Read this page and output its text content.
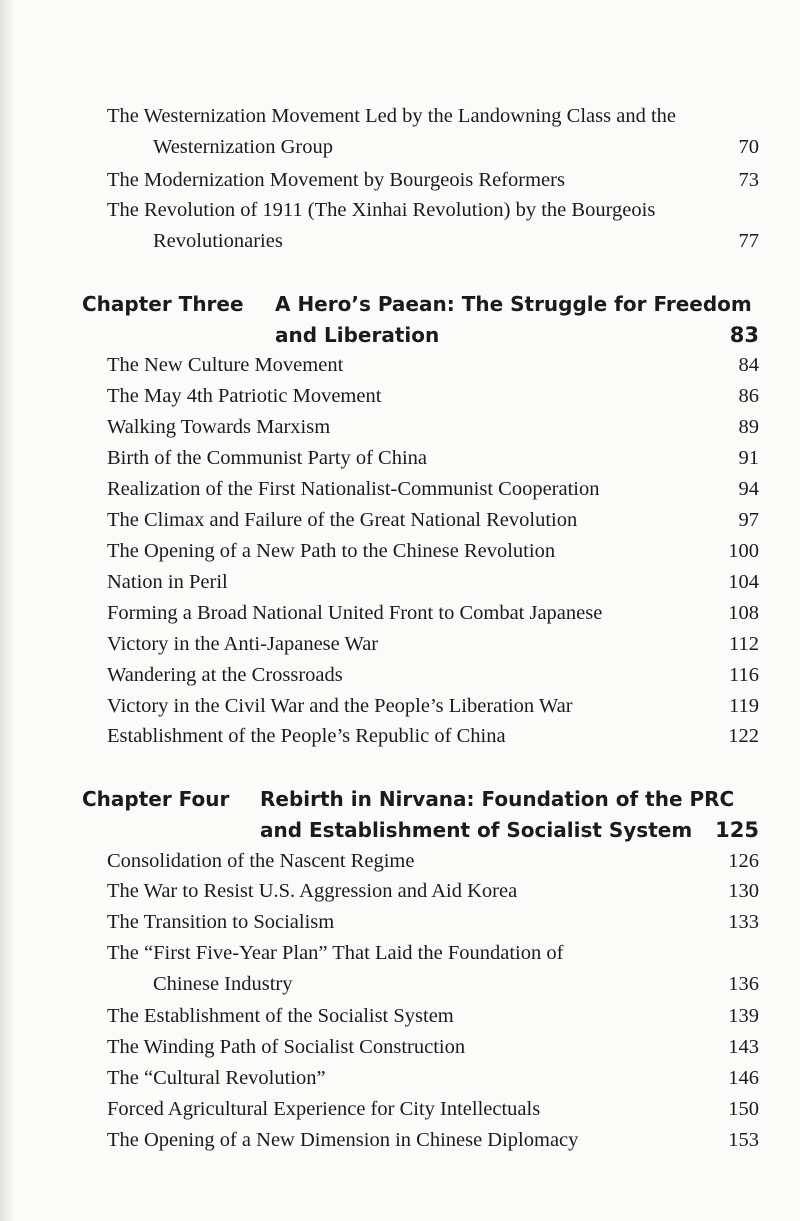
The Westernization Movement Led by the Landowning Class and the
Westernization Group	70
The Modernization Movement by Bourgeois Reformers	73
The Revolution of 1911 (The Xinhai Revolution) by the Bourgeois
Revolutionaries	77
Chapter Three A Hero’s Paean: The Struggle for Freedom
and Liberation	83
The New Culture Movement	84
The May 4th Patriotic Movement	86
Walking Towards Marxism	89
Birth of the Communist Party of China	91
Realization of the First Nationalist-Communist Cooperation	94
The Climax and Failure of the Great National Revolution	97
The Opening of a New Path to the Chinese Revolution	100
Nation in Peril	104
Forming a Broad National United Front to Combat Japanese	108
Victory in the Anti-Japanese War	112
Wandering at the Crossroads	116
Victory in the Civil War and the People’s Liberation War	119
Establishment of the People’s Republic of China	122
Chapter Four Rebirth in Nirvana: Foundation of the PRC
and Establishment of Socialist System 125
Consolidation of the Nascent Regime	126
The War to Resist U.S. Aggression and Aid Korea	130
The Transition to Socialism	133
The “First Five-Year Plan” That Laid the Foundation of
Chinese Industry	136
The Establishment of the Socialist System	139
The Winding Path of Socialist Construction	143
The “Cultural Revolution”	146
Forced Agricultural Experience for City Intellectuals	150
The Opening of a New Dimension in Chinese Diplomacy	153
